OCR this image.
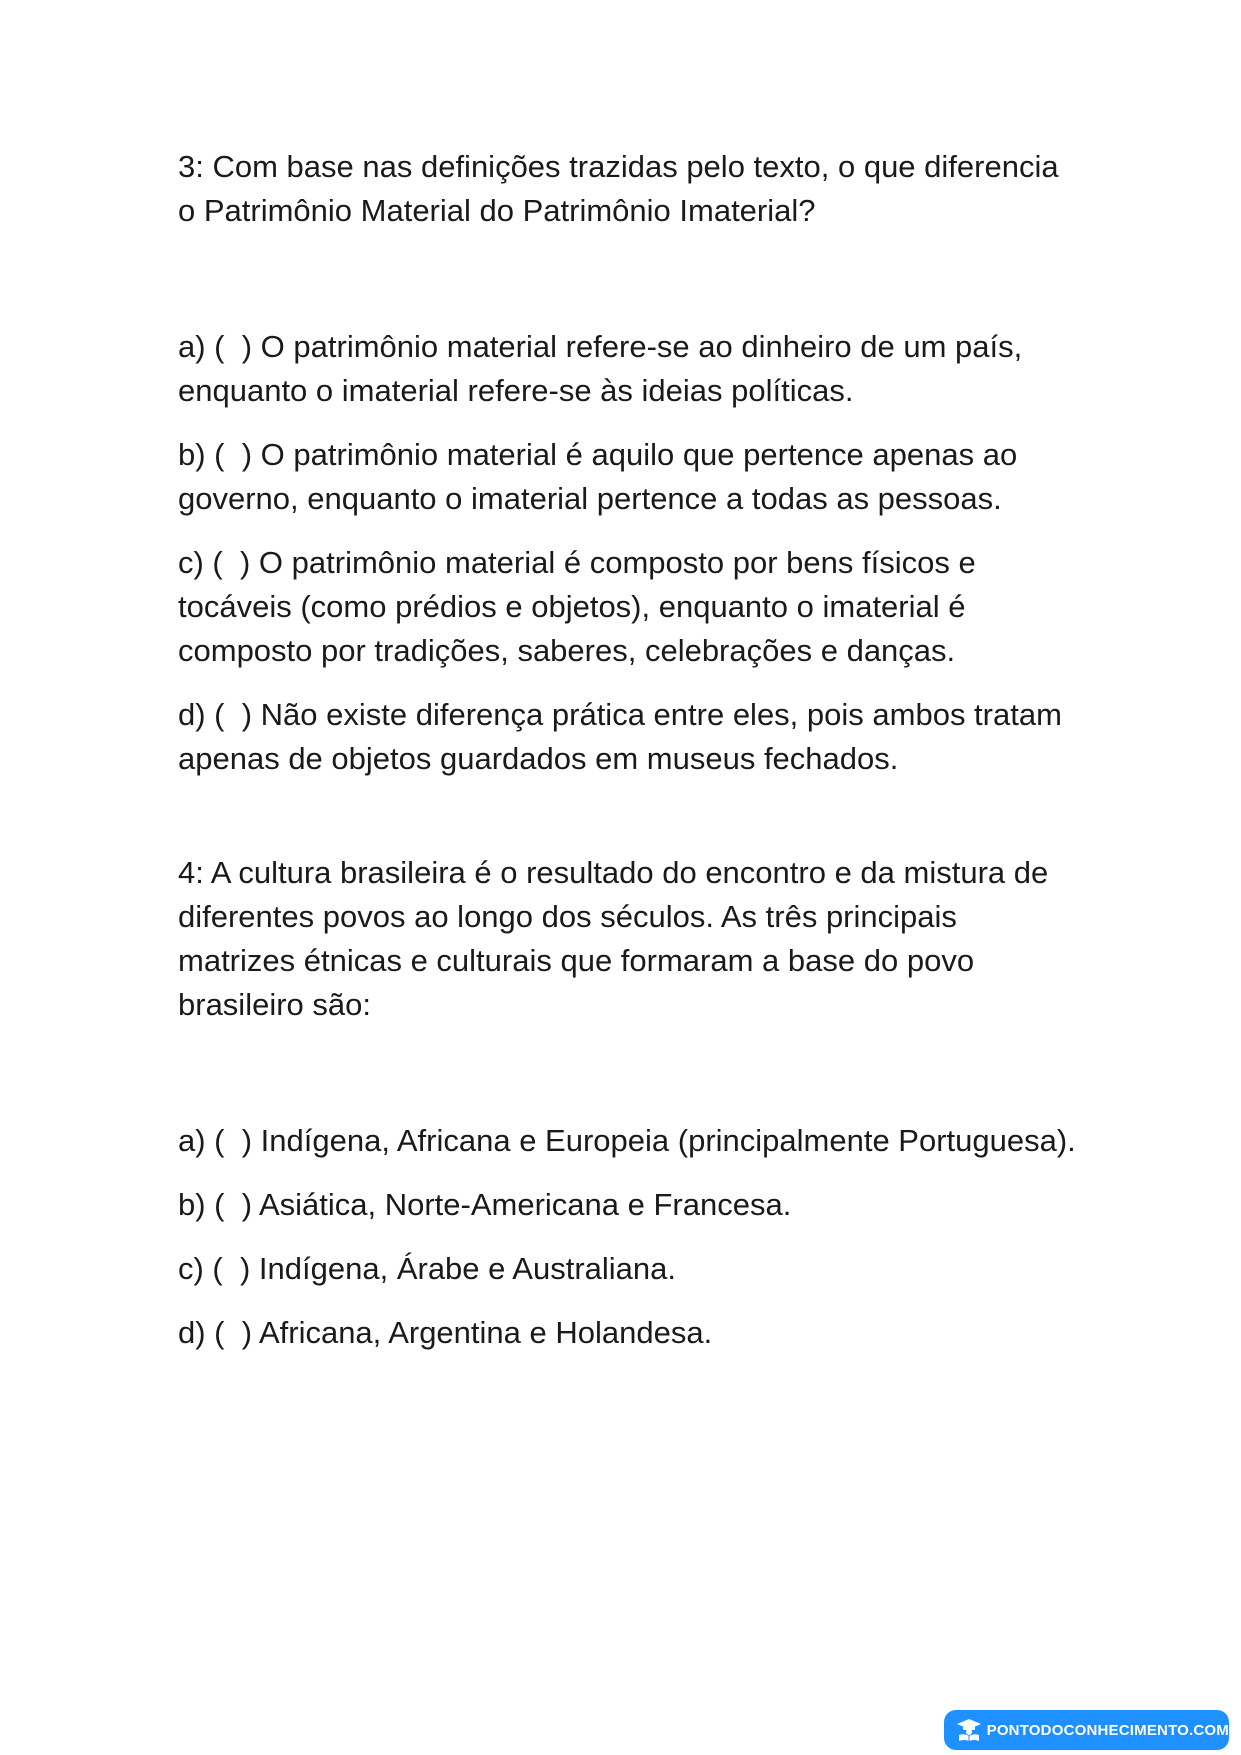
3: Com base nas definições trazidas pelo texto, o que diferencia o Patrimônio Material do Patrimônio Imaterial?

a) (  ) O patrimônio material refere-se ao dinheiro de um país, enquanto o imaterial refere-se às ideias políticas.
b) (  ) O patrimônio material é aquilo que pertence apenas ao governo, enquanto o imaterial pertence a todas as pessoas.
c) (  ) O patrimônio material é composto por bens físicos e tocáveis (como prédios e objetos), enquanto o imaterial é composto por tradições, saberes, celebrações e danças.
d) (  ) Não existe diferença prática entre eles, pois ambos tratam apenas de objetos guardados em museus fechados.

4: A cultura brasileira é o resultado do encontro e da mistura de diferentes povos ao longo dos séculos. As três principais matrizes étnicas e culturais que formaram a base do povo brasileiro são:

a) (  ) Indígena, Africana e Europeia (principalmente Portuguesa).
b) (  ) Asiática, Norte-Americana e Francesa.
c) (  ) Indígena, Árabe e Australiana.
d) (  ) Africana, Argentina e Holandesa.
PONTODOCONHECIMENTO.COM
